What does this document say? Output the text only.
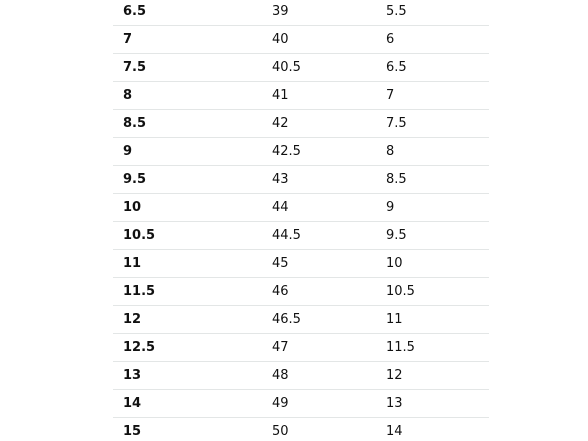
6.5	39	5.5
7	40	6
7.5	40.5	6.5
8	41	7
8.5	42	7.5
9	42.5	8
9.5	43	8.5
10	44	9
10.5	44.5	9.5
11	45	10
11.5	46	10.5
12	46.5	11
12.5	47	11.5
13	48	12
14	49	13
15	50	14
